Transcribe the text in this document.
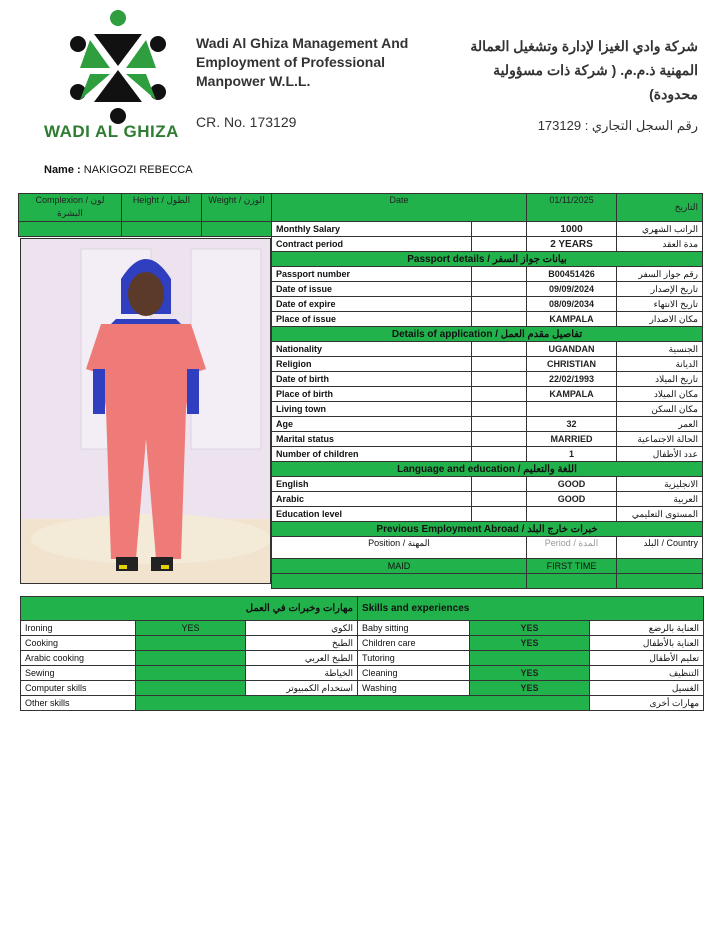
WADI AL GHIZA
Wadi Al Ghiza Management And
Employment of Professional
Manpower W.L.L.
CR. No. 173129
شركة وادي الغيزا لإدارة وتشغيل العمالة
المهنية ذ.م.م. ( شركة ذات مسؤولية
محدودة)
رقم السجل التجاري : 173129
Name : NAKIGOZI REBECCA
Complexion / لون البشرة	Height / الطول	Weight / الوزن	Date		01/11/2025	التاريخ
			Monthly Salary		1000	الراتب الشهري
			Contract period		2 YEARS	مدة العقد
			Passport details / بيانات جواز السفر			
			Passport number		B00451426	رقم جواز السفر
			Date of issue		09/09/2024	تاريخ الإصدار
			Date of expire		08/09/2034	تاريخ الانتهاء
			Place of issue		KAMPALA	مكان الاصدار
			Details of application / تفاصيل مقدم العمل			
			Nationality		UGANDAN	الجنسية
			Religion		CHRISTIAN	الديانة
			Date of birth		22/02/1993	تاريخ الميلاد
			Place of birth		KAMPALA	مكان الميلاد
			Living town			مكان السكن
			Age		32	العمر
			Marital status		MARRIED	الحالة الاجتماعية
			Number of children		1	عدد الأطفال
			Language and education / اللغة والتعليم			
			English		GOOD	الانجليزية
			Arabic		GOOD	العربية
			Education level			المستوى التعليمي
			Previous Employment Abroad / خبرات خارج البلد			
			Position / المهنة		Period / المدة	Country / البلد
			MAID		FIRST TIME	

مهارات وخبرات في العمل			Skills and experiences		
Ironing	YES	الكوي	Baby sitting	YES	العناية بالرضع
Cooking		الطبخ	Children care	YES	العناية بالأطفال
Arabic cooking		الطبخ العربي	Tutoring		تعليم الأطفال
Sewing		الخياطة	Cleaning	YES	التنظيف
Computer skills		استخدام الكمبيوتر	Washing	YES	الغسيل
Other skills					مهارات أخرى
